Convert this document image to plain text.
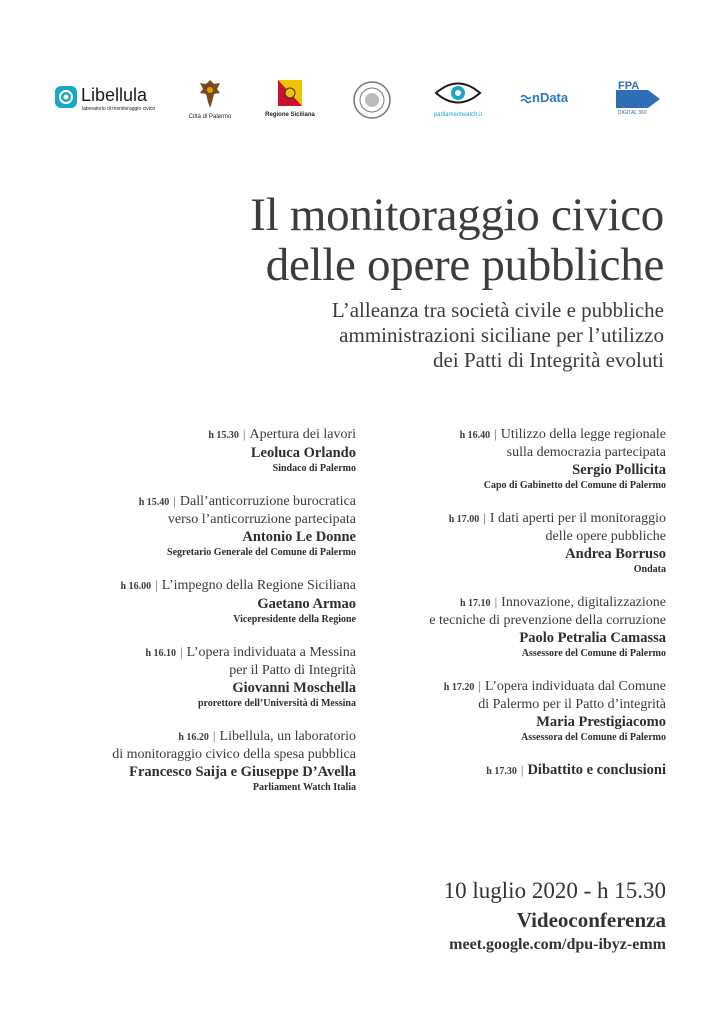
Libellula
laboratorio di monitoraggio civico
Città di Palermo	Regione Siciliana	parliamentwatch.it
nData
FPA
DIGITAL 360
Il monitoraggio civico
delle opere pubbliche
L’alleanza tra società civile e pubbliche
amministrazioni siciliane per l’utilizzo
dei Patti di Integrità evoluti
h 15.30 | Apertura dei lavori
Leoluca Orlando
Sindaco di Palermo
h 15.40 | Dall’anticorruzione burocratica
verso l’anticorruzione partecipata
Antonio Le Donne
Segretario Generale del Comune di Palermo
h 16.00 | L’impegno della Regione Siciliana
Gaetano Armao
Vicepresidente della Regione
h 16.10 | L’opera individuata a Messina
per il Patto di Integrità
Giovanni Moschella
prorettore dell’Università di Messina
h 16.20 | Libellula, un laboratorio
di monitoraggio civico della spesa pubblica
Francesco Saija e Giuseppe D’Avella
Parliament Watch Italia
h 16.40 | Utilizzo della legge regionale
sulla democrazia partecipata
Sergio Pollicita
Capo di Gabinetto del Comune di Palermo
h 17.00 | I dati aperti per il monitoraggio
delle opere pubbliche
Andrea Borruso
Ondata
h 17.10 | Innovazione, digitalizzazione
e tecniche di prevenzione della corruzione
Paolo Petralia Camassa
Assessore del Comune di Palermo
h 17.20 | L’opera individuata dal Comune
di Palermo per il Patto d’integrità
Maria Prestigiacomo
Assessora del Comune di Palermo
h 17.30 | Dibattito e conclusioni
10 luglio 2020 - h 15.30
Videoconferenza
meet.google.com/dpu-ibyz-emm
